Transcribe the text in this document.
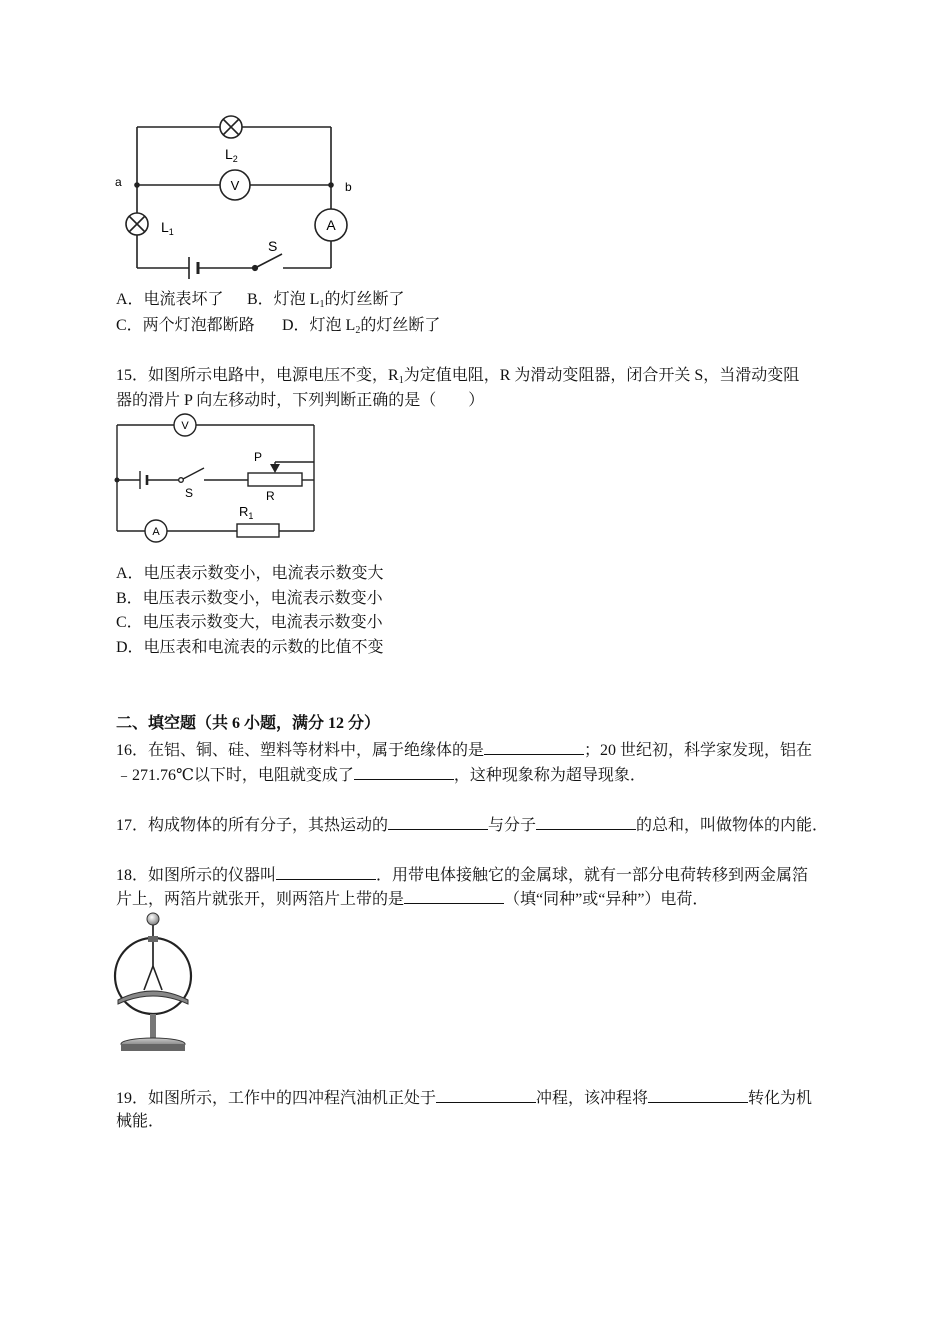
$L_2$
V
a	b
$L_1$	A
S
A．电流表坏了 B．灯泡 $L_1$的灯丝断了
C．两个灯泡都断路 D．灯泡 $L_2$的灯丝断了
15．如图所示电路中，电源电压不变，$R_1$为定值电阻，R 为滑动变阻器，闭合开关 S，当滑动变阻
器的滑片 P 向左移动时，下列判断正确的是（　　）
V
S
P
R
A
$R_1$
A．电压表示数变小，电流表示数变大
B．电压表示数变小，电流表示数变小
C．电压表示数变大，电流表示数变小
D．电压表和电流表的示数的比值不变
二、填空题（共 6 小题，满分 12 分）
16．在铝、铜、硅、塑料等材料中，属于绝缘体的是	；20 世纪初，科学家发现，铝在
﹣271.76℃以下时，电阻就变成了	，这种现象称为超导现象．
17．构成物体的所有分子，其热运动的	与分子	的总和，叫做物体的内能．
18．如图所示的仪器叫	．用带电体接触它的金属球，就有一部分电荷转移到两金属箔
片上，两箔片就张开，则两箔片上带的是	（填“同种”或“异种”）电荷．
19．如图所示，工作中的四冲程汽油机正处于	冲程，该冲程将	转化为机
械能．
